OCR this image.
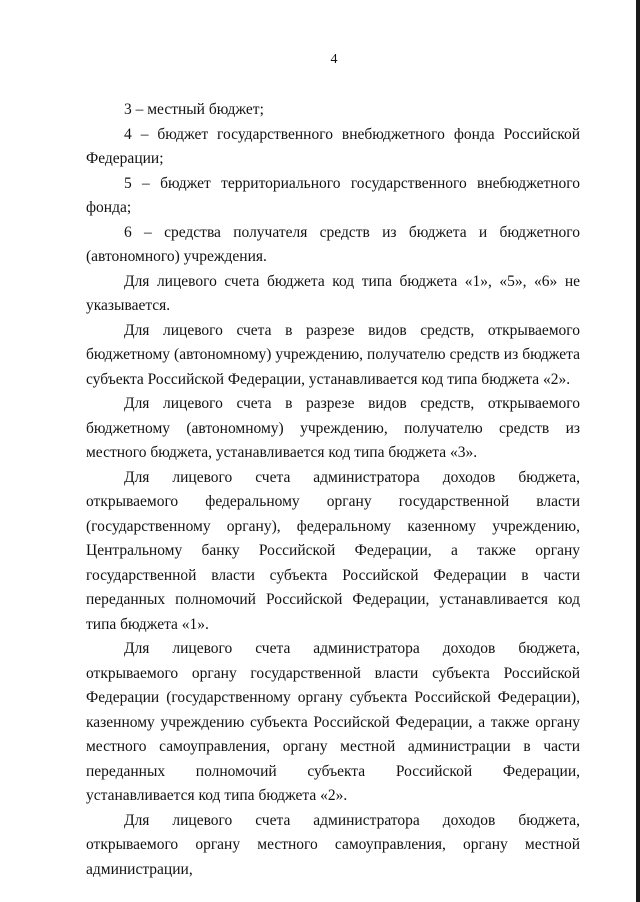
4

3 – местный бюджет;

4 – бюджет государственного внебюджетного фонда Российской Федерации;

5 – бюджет территориального государственного внебюджетного фонда;

6 – средства получателя средств из бюджета и бюджетного (автономного) учреждения.

Для лицевого счета бюджета код типа бюджета «1», «5», «6» не указывается.

Для лицевого счета в разрезе видов средств, открываемого бюджетному (автономному) учреждению, получателю средств из бюджета субъекта Российской Федерации, устанавливается код типа бюджета «2».

Для лицевого счета в разрезе видов средств, открываемого бюджетному (автономному) учреждению, получателю средств из местного бюджета, устанавливается код типа бюджета «3».

Для лицевого счета администратора доходов бюджета, открываемого федеральному органу государственной власти (государственному органу), федеральному казенному учреждению, Центральному банку Российской Федерации, а также органу государственной власти субъекта Российской Федерации в части переданных полномочий Российской Федерации, устанавливается код типа бюджета «1».

Для лицевого счета администратора доходов бюджета, открываемого органу государственной власти субъекта Российской Федерации (государственному органу субъекта Российской Федерации), казенному учреждению субъекта Российской Федерации, а также органу местного самоуправления, органу местной администрации в части переданных полномочий субъекта Российской Федерации, устанавливается код типа бюджета «2».

Для лицевого счета администратора доходов бюджета, открываемого органу местного самоуправления, органу местной администрации,
